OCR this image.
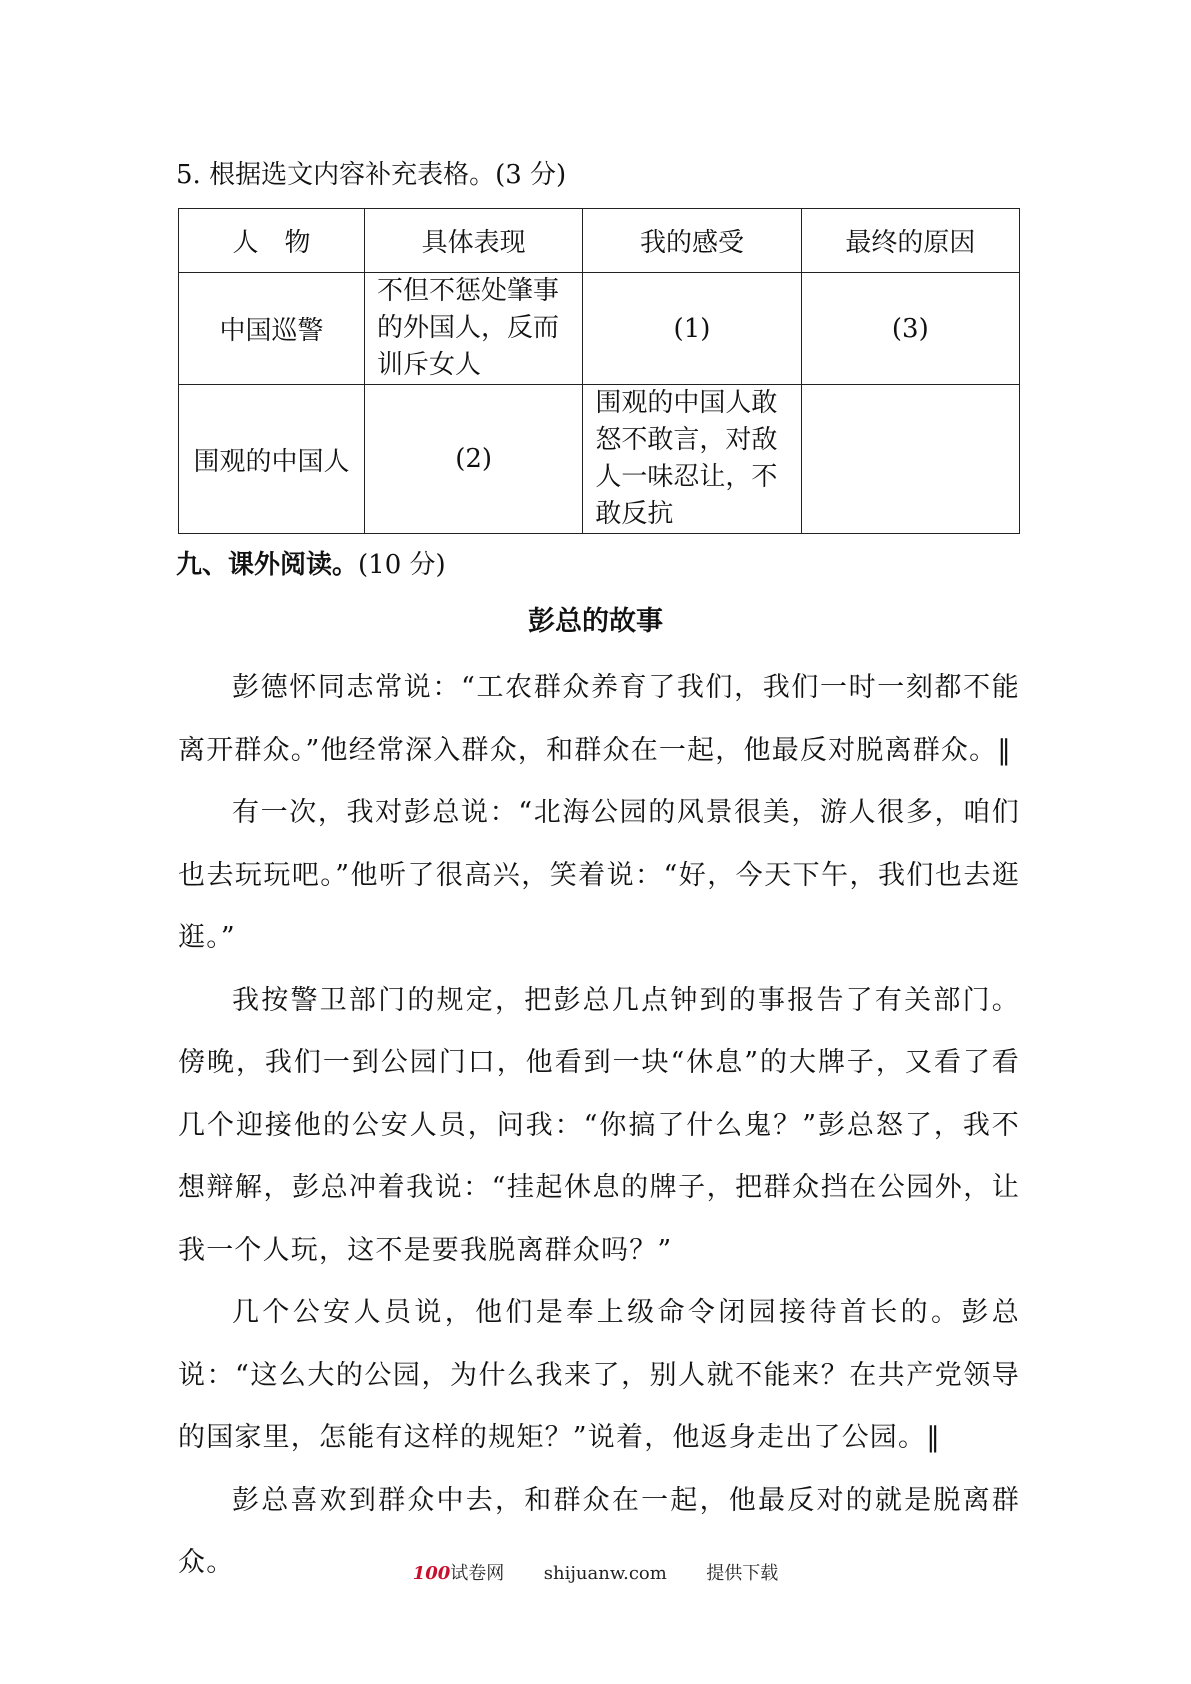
5. 根据选文内容补充表格。(3 分)
人　物	具体表现	我的感受	最终的原因
中国巡警	不但不惩处肇事的外国人，反而训斥女人	(1)	(3)
围观的中国人	(2)	围观的中国人敢怒不敢言，对敌人一味忍让，不敢反抗	
九、课外阅读。(10 分)
彭总的故事

彭德怀同志常说：“工农群众养育了我们，我们一时一刻都不能离开群众。”他经常深入群众，和群众在一起，他最反对脱离群众。‖

有一次，我对彭总说：“北海公园的风景很美，游人很多，咱们也去玩玩吧。”他听了很高兴，笑着说：“好，今天下午，我们也去逛逛。”

我按警卫部门的规定，把彭总几点钟到的事报告了有关部门。傍晚，我们一到公园门口，他看到一块“休息”的大牌子，又看了看几个迎接他的公安人员，问我：“你搞了什么鬼？”彭总怒了，我不想辩解，彭总冲着我说：“挂起休息的牌子，把群众挡在公园外，让我一个人玩，这不是要我脱离群众吗？”

几个公安人员说，他们是奉上级命令闭园接待首长的。彭总说：“这么大的公园，为什么我来了，别人就不能来？在共产党领导的国家里，怎能有这样的规矩？”说着，他返身走出了公园。‖

彭总喜欢到群众中去，和群众在一起，他最反对的就是脱离群众。	100试卷网 shijuanw.com 提供下载
